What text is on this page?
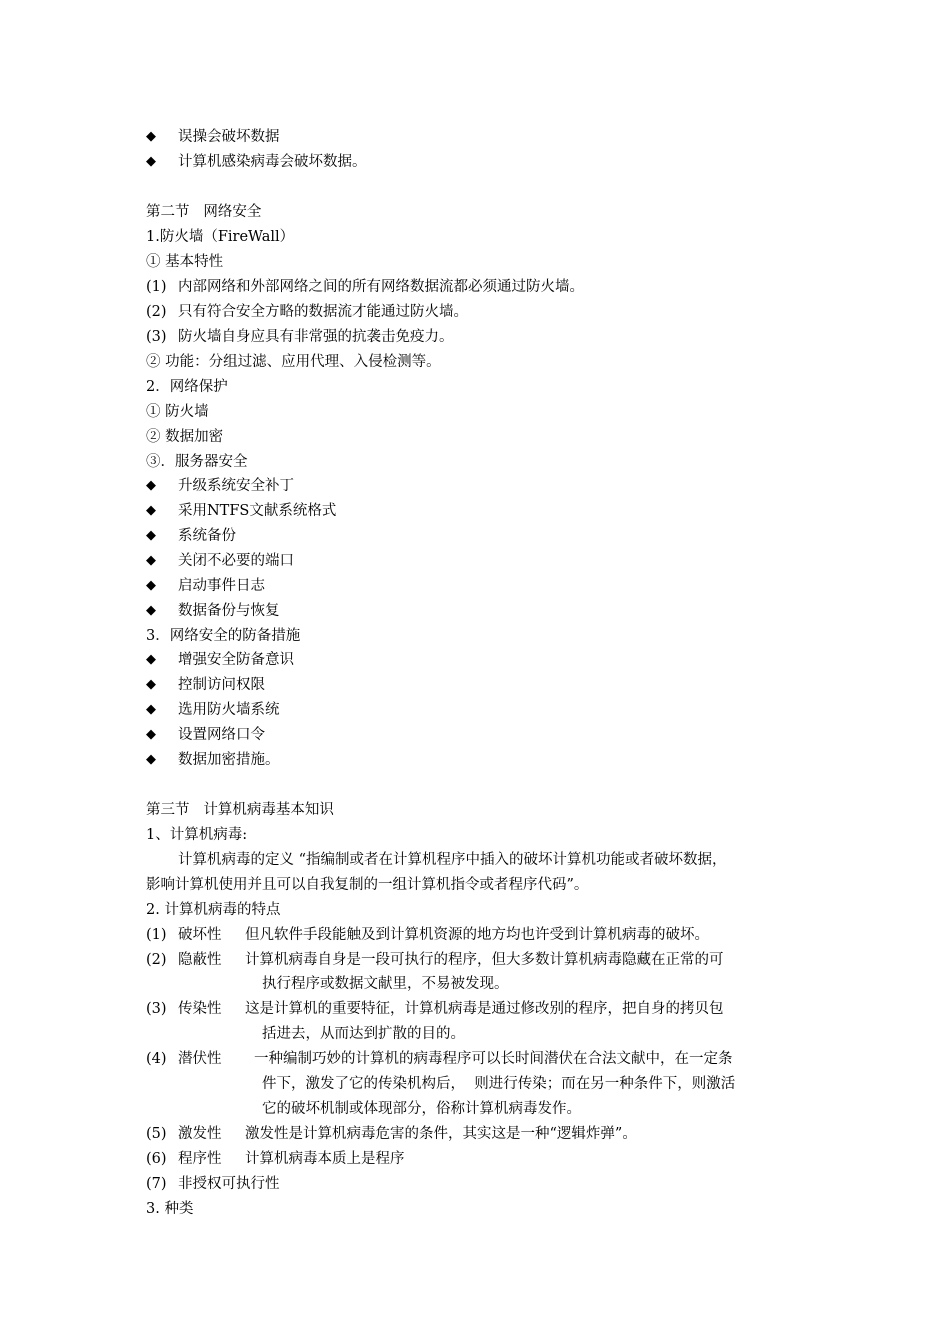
◆ 误操会破坏数据
◆ 计算机感染病毒会破坏数据。
第二节   网络安全
1.防火墙（FireWall）
① 基本特性
(1) 内部网络和外部网络之间的所有网络数据流都必须通过防火墙。
(2) 只有符合安全方略的数据流才能通过防火墙。
(3) 防火墙自身应具有非常强的抗袭击免疫力。
② 功能：分组过滤、应用代理、入侵检测等。
2．网络保护
① 防火墙
② 数据加密
③．服务器安全
◆ 升级系统安全补丁
◆ 采用NTFS文献系统格式
◆ 系统备份
◆ 关闭不必要的端口
◆ 启动事件日志
◆ 数据备份与恢复
3．网络安全的防备措施
◆ 增强安全防备意识
◆ 控制访问权限
◆ 选用防火墙系统
◆ 设置网络口令
◆ 数据加密措施。
第三节   计算机病毒基本知识
1、计算机病毒:
计算机病毒的定义 “指编制或者在计算机程序中插入的破坏计算机功能或者破坏数据，
影响计算机使用并且可以自我复制的一组计算机指令或者程序代码”。
2. 计算机病毒的特点
(1) 破坏性 但凡软件手段能触及到计算机资源的地方均也许受到计算机病毒的破坏。
(2) 隐蔽性 计算机病毒自身是一段可执行的程序，但大多数计算机病毒隐藏在正常的可
执行程序或数据文献里，不易被发现。
(3) 传染性 这是计算机的重要特征，计算机病毒是通过修改别的程序，把自身的拷贝包
括进去，从而达到扩散的目的。
(4) 潜伏性 一种编制巧妙的计算机的病毒程序可以长时间潜伏在合法文献中，在一定条
件下，激发了它的传染机构后，  则进行传染；而在另一种条件下，则激活
它的破坏机制或体现部分，俗称计算机病毒发作。
(5) 激发性 激发性是计算机病毒危害的条件，其实这是一种“逻辑炸弹”。
(6) 程序性 计算机病毒本质上是程序
(7) 非授权可执行性
3. 种类
